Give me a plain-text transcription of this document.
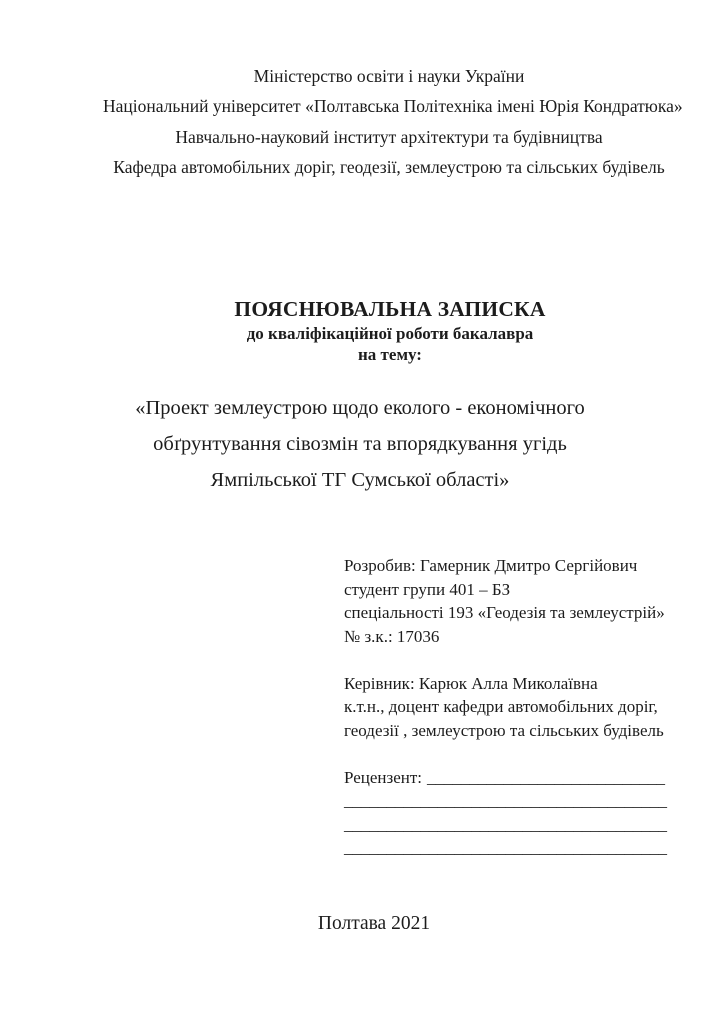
Міністерство освіти і науки України
Національний університет «Полтавська Політехніка імені Юрія Кондратюка»
Навчально-науковий інститут архітектури та будівництва
Кафедра автомобільних доріг, геодезії, землеустрою та сільських будівель
ПОЯСНЮВАЛЬНА ЗАПИСКА
до кваліфікаційної роботи бакалавра
на тему:
«Проект землеустрою щодо еколого - економічного
обґрунтування сівозмін та впорядкування угідь
Ямпільської ТГ Сумської області»
Розробив: Гамерник Дмитро Сергійович
студент групи 401 – БЗ
спеціальності 193 «Геодезія та землеустрій»
№ з.к.: 17036
Керівник: Карюк Алла Миколаївна
к.т.н., доцент кафедри автомобільних доріг,
геодезії , землеустрою та сільських будівель
Рецензент: ____________________________
______________________________________
______________________________________
______________________________________
Полтава 2021
